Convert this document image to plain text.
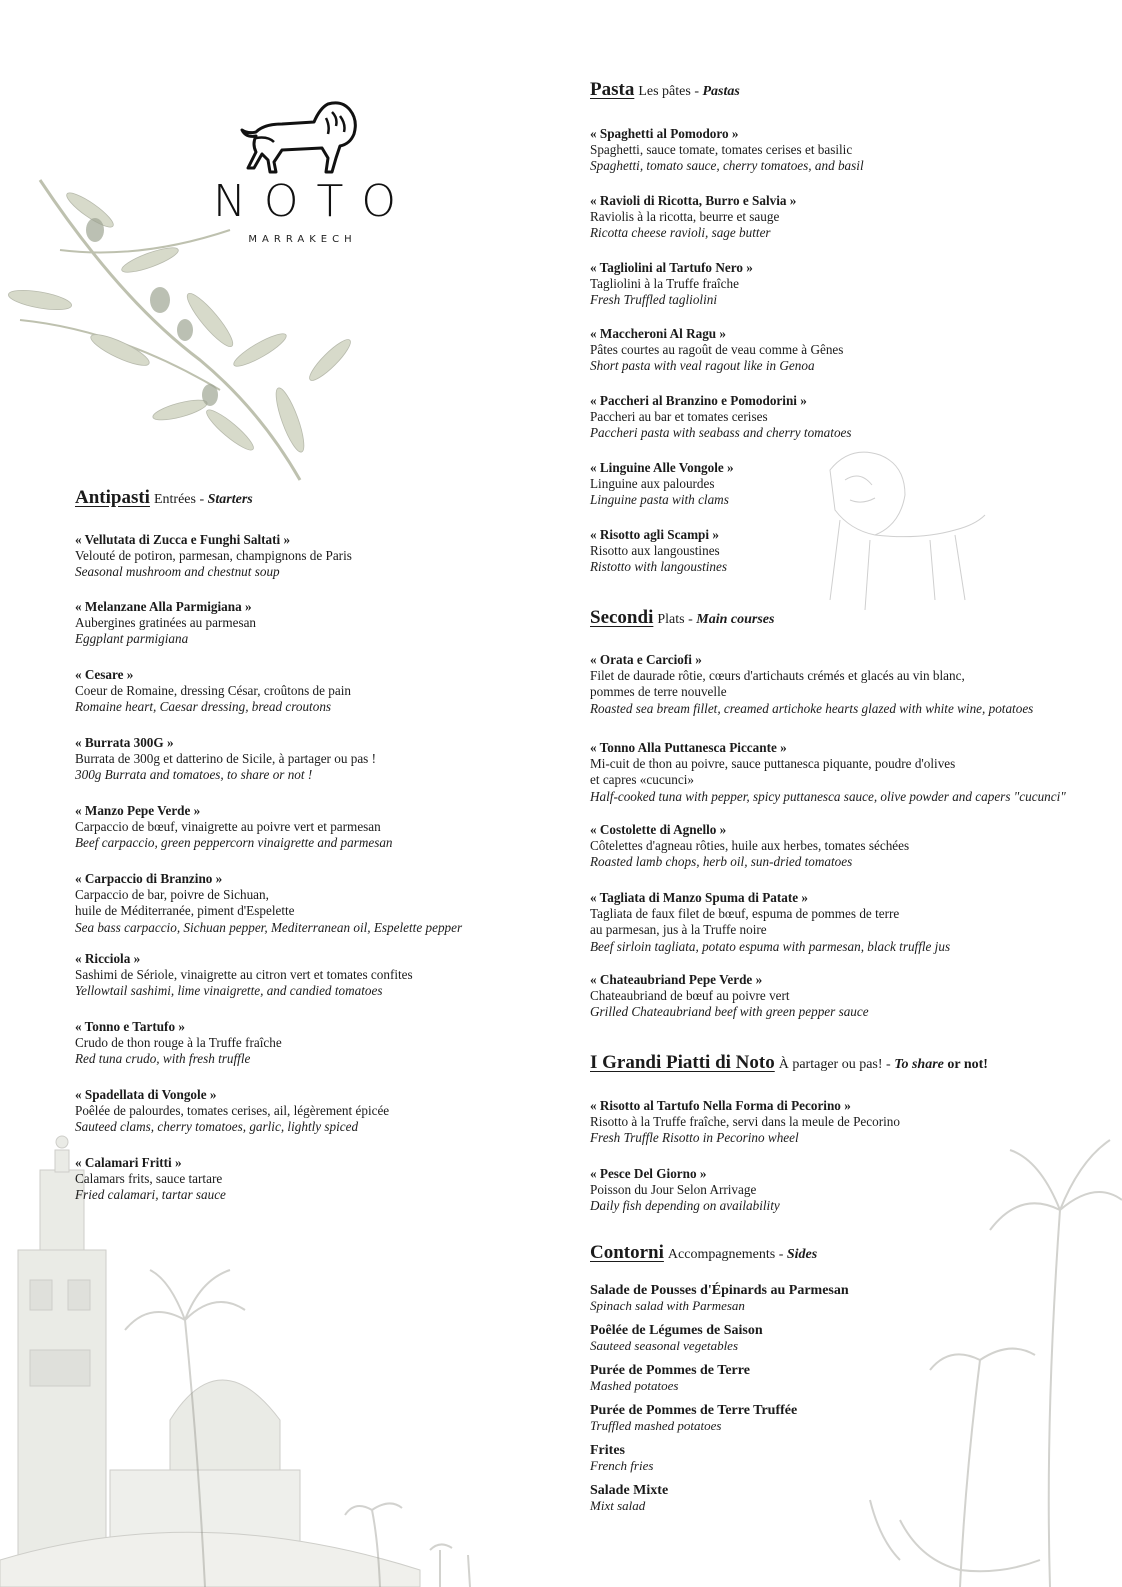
NOTO
MARRAKECH
Antipasti Entrées - Starters
« Vellutata di Zucca e Funghi Saltati »
Velouté de potiron, parmesan, champignons de Paris
Seasonal mushroom and chestnut soup
« Melanzane Alla Parmigiana »
Aubergines gratinées au parmesan
Eggplant parmigiana
« Cesare »
Coeur de Romaine, dressing César, croûtons de pain
Romaine heart, Caesar dressing, bread croutons
« Burrata 300G »
Burrata de 300g et datterino de Sicile, à partager ou pas !
300g Burrata and tomatoes, to share or not !
« Manzo Pepe Verde »
Carpaccio de bœuf, vinaigrette au poivre vert et parmesan
Beef carpaccio, green peppercorn vinaigrette and parmesan
« Carpaccio di Branzino »
Carpaccio de bar, poivre de Sichuan,
huile de Méditerranée, piment d'Espelette
Sea bass carpaccio, Sichuan pepper, Mediterranean oil, Espelette pepper
« Ricciola »
Sashimi de Sériole, vinaigrette au citron vert et tomates confites
Yellowtail sashimi, lime vinaigrette, and candied tomatoes
« Tonno e Tartufo »
Crudo de thon rouge à la Truffe fraîche
Red tuna crudo, with fresh truffle
« Spadellata di Vongole »
Poêlée de palourdes, tomates cerises, ail, légèrement épicée
Sauteed clams, cherry tomatoes, garlic, lightly spiced
« Calamari Fritti »
Calamars frits, sauce tartare
Fried calamari, tartar sauce
Pasta Les pâtes - Pastas
« Spaghetti al Pomodoro »
Spaghetti, sauce tomate, tomates cerises et basilic
Spaghetti, tomato sauce, cherry tomatoes, and basil
« Ravioli di Ricotta, Burro e Salvia »
Raviolis à la ricotta, beurre et sauge
Ricotta cheese ravioli, sage butter
« Tagliolini al Tartufo Nero »
Tagliolini à la Truffe fraîche
Fresh Truffled tagliolini
« Maccheroni Al Ragu »
Pâtes courtes au ragoût de veau comme à Gênes
Short pasta with veal ragout like in Genoa
« Paccheri al Branzino e Pomodorini »
Paccheri au bar et tomates cerises
Paccheri pasta with seabass and cherry tomatoes
« Linguine Alle Vongole »
Linguine aux palourdes
Linguine pasta with clams
« Risotto agli Scampi »
Risotto aux langoustines
Ristotto with langoustines
Secondi Plats - Main courses
« Orata e Carciofi »
Filet de daurade rôtie, cœurs d'artichauts crémés et glacés au vin blanc,
pommes de terre nouvelle
Roasted sea bream fillet, creamed artichoke hearts glazed with white wine, potatoes
« Tonno Alla Puttanesca Piccante »
Mi-cuit de thon au poivre, sauce puttanesca piquante, poudre d'olives
et capres «cucunci»
Half-cooked tuna with pepper, spicy puttanesca sauce, olive powder and capers "cucunci"
« Costolette di Agnello »
Côtelettes d'agneau rôties, huile aux herbes, tomates séchées
Roasted lamb chops, herb oil, sun-dried tomatoes
« Tagliata di Manzo Spuma di Patate »
Tagliata de faux filet de bœuf, espuma de pommes de terre
au parmesan, jus à la Truffe noire
Beef sirloin tagliata, potato espuma with parmesan, black truffle jus
« Chateaubriand Pepe Verde »
Chateaubriand de bœuf au poivre vert
Grilled Chateaubriand beef with green pepper sauce
I Grandi Piatti di Noto À partager ou pas! - To share or not!
« Risotto al Tartufo Nella Forma di Pecorino »
Risotto à la Truffe fraîche, servi dans la meule de Pecorino
Fresh Truffle Risotto in Pecorino wheel
« Pesce Del Giorno »
Poisson du Jour Selon Arrivage
Daily fish depending on availability
Contorni Accompagnements - Sides
Salade de Pousses d'Épinards au Parmesan
Spinach salad with Parmesan
Poêlée de Légumes de Saison
Sauteed seasonal vegetables
Purée de Pommes de Terre
Mashed potatoes
Purée de Pommes de Terre Truffée
Truffled mashed potatoes
Frites
French fries
Salade Mixte
Mixt salad
